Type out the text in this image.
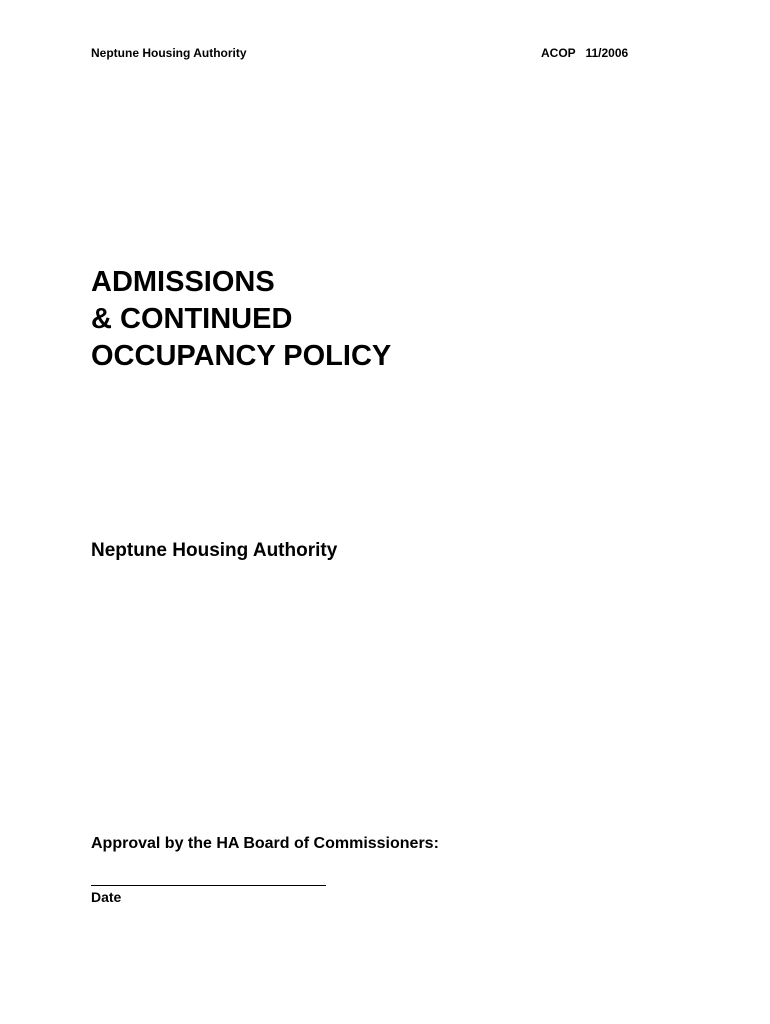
Neptune Housing Authority	ACOP   11/2006
ADMISSIONS
& CONTINUED
OCCUPANCY POLICY
Neptune Housing Authority
Approval by the HA Board of Commissioners:
Date
